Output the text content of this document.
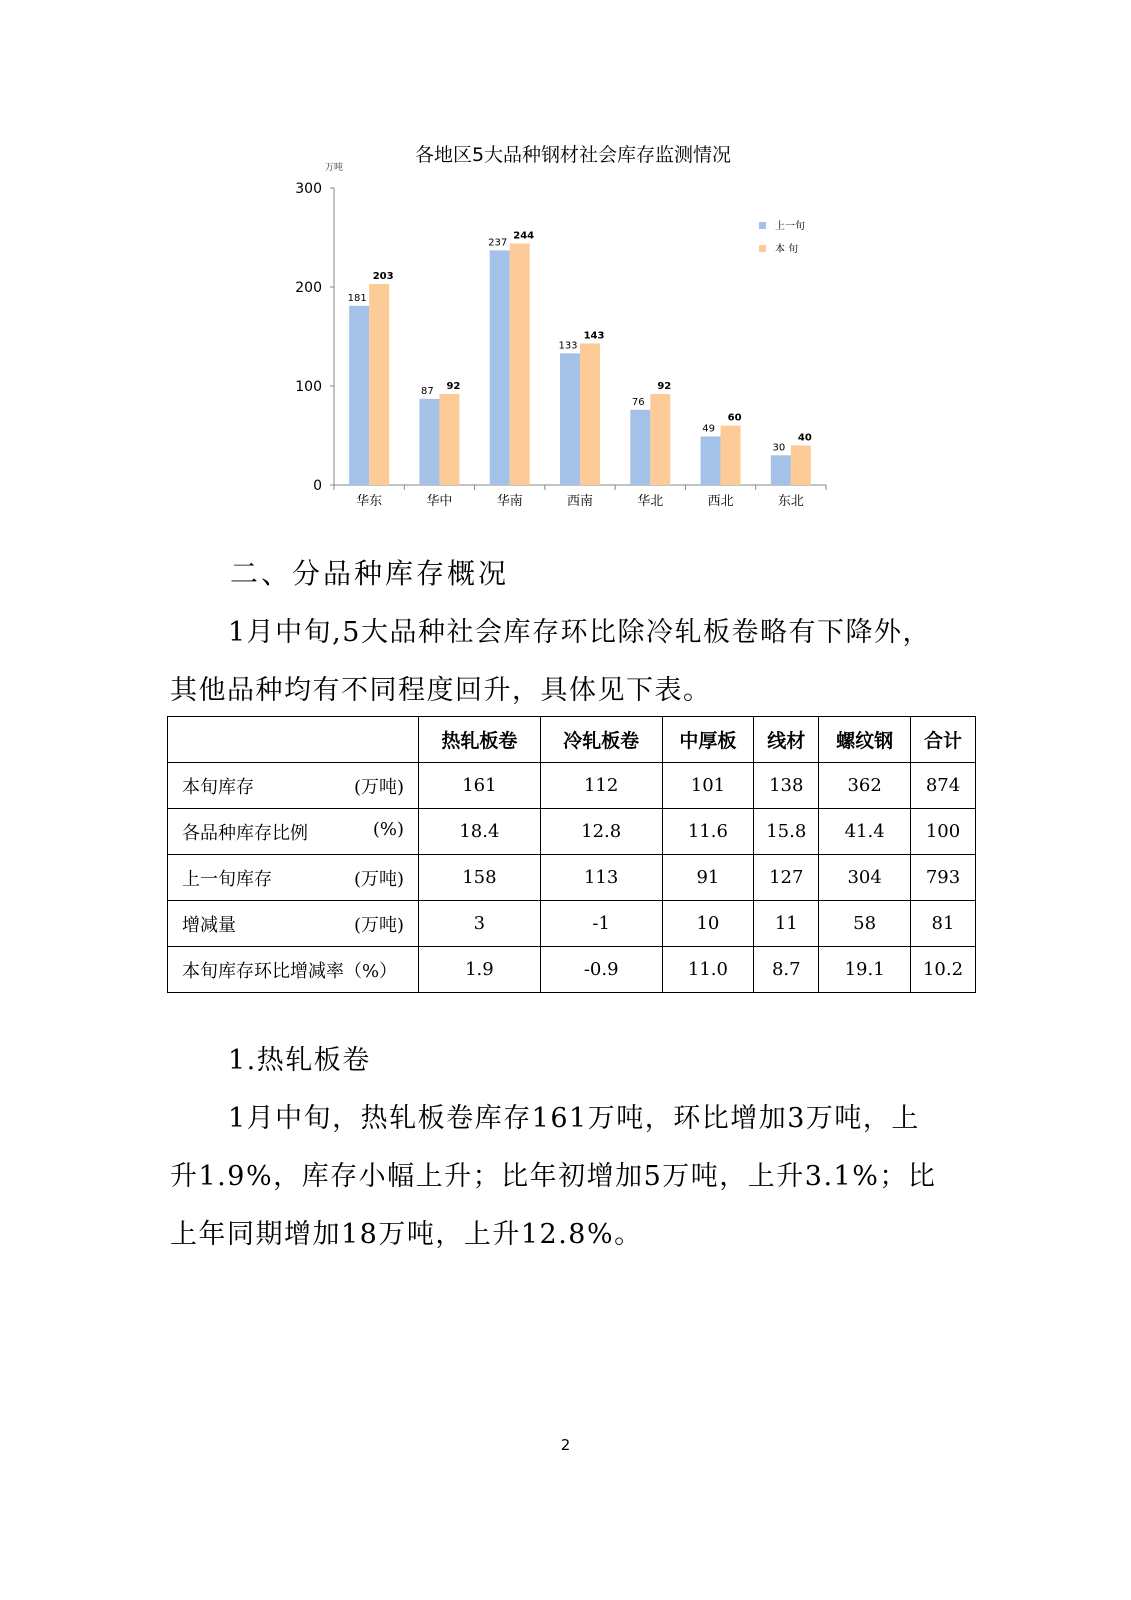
各地区5大品种钢材社会库存监测情况
万吨
0
100
200
300
华东
181
203
华中
87 92
华南
237
244
西南
133
143
华北
76
92
西北
49
60
东北
30
40
上一旬
本 旬

二、分品种库存概况

1月中旬,5大品种社会库存环比除冷轧板卷略有下降外，

其他品种均有不同程度回升，具体见下表。

	热轧板卷	冷轧板卷	中厚板	线材	螺纹钢	合计
本旬库存 (万吨)	161	112	101	138	362	874
各品种库存比例 (%)	18.4	12.8	11.6	15.8	41.4	100
上一旬库存 (万吨)	158	113	91	127	304	793
增减量 (万吨)	3	-1	10	11	58	81
本旬库存环比增减率（%）	1.9	-0.9	11.0	8.7	19.1	10.2

1.热轧板卷

1月中旬，热轧板卷库存161万吨，环比增加3万吨，上

升1.9%，库存小幅上升；比年初增加5万吨，上升3.1%；比

上年同期增加18万吨，上升12.8%。

2
